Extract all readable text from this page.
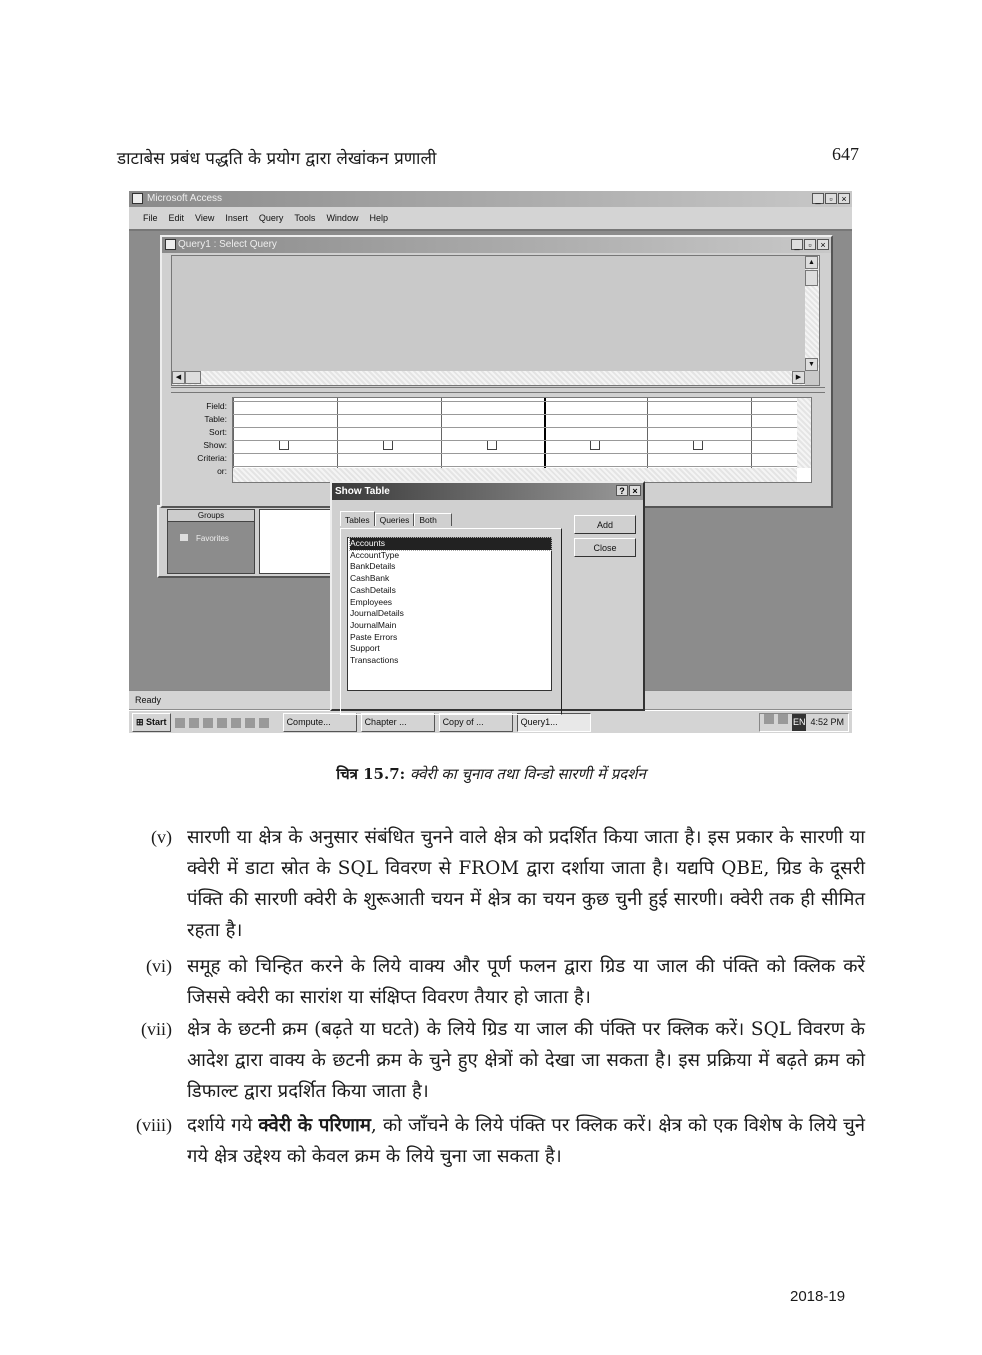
डाटाबेस प्रबंध पद्धति के प्रयोग द्वारा लेखांकन प्रणाली	647
Microsoft Access	_ ▫ ×
File Edit View Insert Query Tools Window Help
Groups
Favorites
Query1 : Select Query	_ ▫ ×
▲
▼
◀	▶
Field:
Table:
Sort:
Show:
Criteria:
or:
Ready
⊞ Start	Compute...	Chapter ...	Copy of ...	Query1...	EN 4:52 PM
Show Table	? ×
Tables	Queries	Both
Accounts
AccountType
BankDetails
CashBank
CashDetails
Employees
JournalDetails
JournalMain
Paste Errors
Support
Transactions
Add
Close
चित्र 15.7: क्वेरी का चुनाव तथा विन्डो सारणी में प्रदर्शन
(v) सारणी या क्षेत्र के अनुसार संबंधित चुनने वाले क्षेत्र को प्रदर्शित किया जाता है। इस प्रकार के सारणी या क्वेरी में डाटा स्रोत के SQL विवरण से FROM द्वारा दर्शाया जाता है। यद्यपि QBE, ग्रिड के दूसरी पंक्ति की सारणी क्वेरी के शुरूआती चयन में क्षेत्र का चयन कुछ चुनी हुई सारणी। क्वेरी तक ही सीमित रहता है।
(vi) समूह को चिन्हित करने के लिये वाक्य और पूर्ण फलन द्वारा ग्रिड या जाल की पंक्ति को क्लिक करें जिससे क्वेरी का सारांश या संक्षिप्त विवरण तैयार हो जाता है।
(vii) क्षेत्र के छटनी क्रम (बढ़ते या घटते) के लिये ग्रिड या जाल की पंक्ति पर क्लिक करें। SQL विवरण के आदेश द्वारा वाक्य के छटनी क्रम के चुने हुए क्षेत्रों को देखा जा सकता है। इस प्रक्रिया में बढ़ते क्रम को डिफाल्ट द्वारा प्रदर्शित किया जाता है।
(viii) दर्शाये गये क्वेरी के परिणाम, को जाँचने के लिये पंक्ति पर क्लिक करें। क्षेत्र को एक विशेष के लिये चुने गये क्षेत्र उद्देश्य को केवल क्रम के लिये चुना जा सकता है।
2018-19
